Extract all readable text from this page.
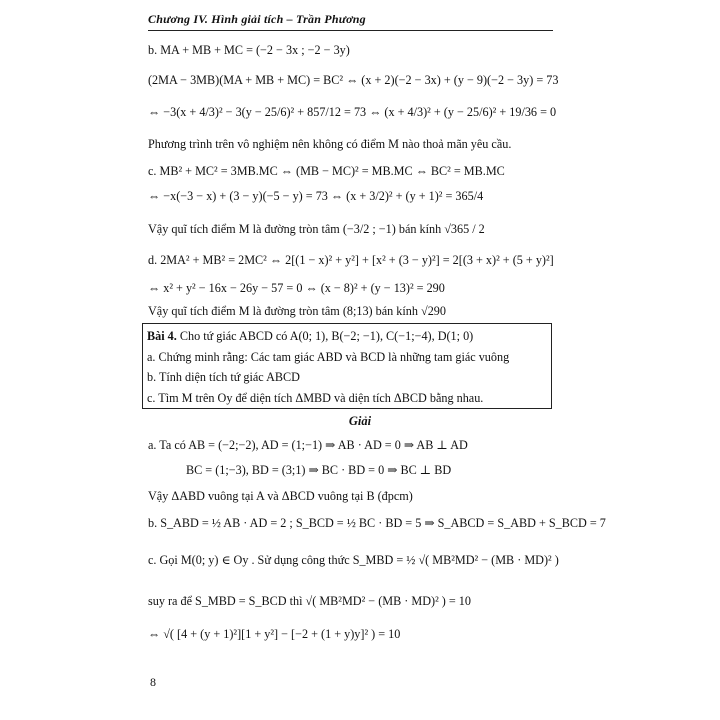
Chương IV. Hình giải tích – Trần Phương
b. MA + MB + MC = (−2 − 3x ; −2 − 3y)
(2MA − 3MB)(MA + MB + MC) = BC² ⇔ (x + 2)(−2 − 3x) + (y − 9)(−2 − 3y) = 73
⇔ −3(x + 4/3)² − 3(y − 25/6)² + 857/12 = 73 ⇔ (x + 4/3)² + (y − 25/6)² + 19/36 = 0
Phương trình trên vô nghiệm nên không có điểm M nào thoả mãn yêu cầu.
c. MB² + MC² = 3MB.MC ⇔ (MB − MC)² = MB.MC ⇔ BC² = MB.MC
⇔ −x(−3 − x) + (3 − y)(−5 − y) = 73 ⇔ (x + 3/2)² + (y + 1)² = 365/4
Vậy quĩ tích điểm M là đường tròn tâm (−3/2 ; −1) bán kính √365 / 2
d. 2MA² + MB² = 2MC² ⇔ 2[(1 − x)² + y²] + [x² + (3 − y)²] = 2[(3 + x)² + (5 + y)²]
⇔ x² + y² − 16x − 26y − 57 = 0 ⇔ (x − 8)² + (y − 13)² = 290
Vậy quĩ tích điểm M là đường tròn tâm (8;13) bán kính √290
Bài 4. Cho tứ giác ABCD có A(0; 1), B(−2; −1), C(−1;−4), D(1; 0)
a. Chứng minh rằng: Các tam giác ABD và BCD là những tam giác vuông
b. Tính diện tích tứ giác ABCD
c. Tìm M trên Oy để diện tích ΔMBD và diện tích ΔBCD bằng nhau.
Giải
a. Ta có AB = (−2;−2), AD = (1;−1) ⇒ AB · AD = 0 ⇒ AB ⊥ AD
BC = (1;−3), BD = (3;1) ⇒ BC · BD = 0 ⇒ BC ⊥ BD
Vậy ΔABD vuông tại A và ΔBCD vuông tại B (đpcm)
b. S_ABD = ½ AB · AD = 2 ; S_BCD = ½ BC · BD = 5 ⇒ S_ABCD = S_ABD + S_BCD = 7
c. Gọi M(0; y) ∈ Oy . Sử dụng công thức S_MBD = ½ √( MB²MD² − (MB · MD)² )
suy ra để S_MBD = S_BCD thì √( MB²MD² − (MB · MD)² ) = 10
⇔ √( [4 + (y + 1)²][1 + y²] − [−2 + (1 + y)y]² ) = 10
8
